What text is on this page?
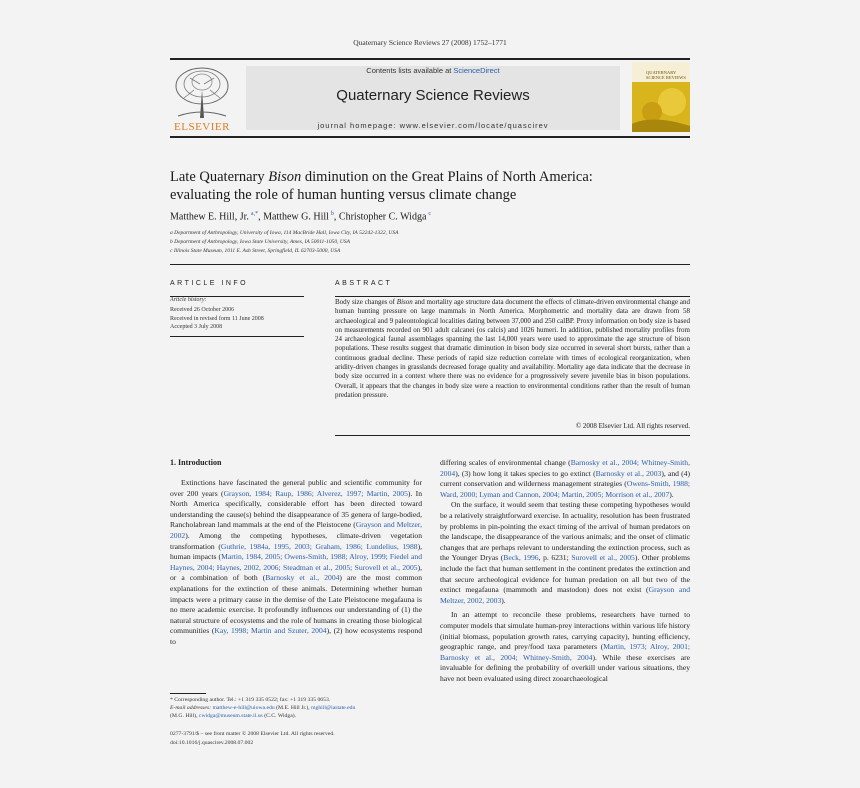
Quaternary Science Reviews 27 (2008) 1752–1771
ELSEVIER
Contents lists available at ScienceDirect
Quaternary Science Reviews
journal homepage: www.elsevier.com/locate/quascirev
QUATERNARY SCIENCE REVIEWS
Late Quaternary Bison diminution on the Great Plains of North America:
evaluating the role of human hunting versus climate change
Matthew E. Hill, Jr.  $^{a,*}$, Matthew G. Hill  $^b$, Christopher C. Widga  $^c$
a Department of Anthropology, University of Iowa, 114 MacBride Hall, Iowa City, IA 52242-1322, USA
b Department of Anthropology, Iowa State University, Ames, IA 50011-1050, USA
c Illinois State Museum, 1011 E. Ash Street, Springfield, IL 62703-5000, USA
ARTICLE INFO
Article history:
Received 26 October 2006
Received in revised form 11 June 2008
Accepted 3 July 2008
ABSTRACT
Body size changes of Bison and mortality age structure data document the effects of climate-driven environmental change and human hunting pressure on large mammals in North America. Morphometric and mortality data are drawn from 58 archaeological and 9 paleontological localities dating between 37,000 and 250 calBP. Proxy information on body size is based on measurements recorded on 901 adult calcanei (os calcis) and 1026 humeri. In addition, published mortality profiles from 24 archaeological faunal assemblages spanning the last 14,000 years were used to approximate the age structure of bison populations. These results suggest that dramatic diminution in bison body size occurred in several short bursts, rather than a continuous gradual decline. These periods of rapid size reduction correlate with times of ecological reorganization, when aridity-driven changes in grasslands decreased forage quality and availability. Mortality age data indicate that the decrease in body size occurred in a context where there was no evidence for a progressively severe juvenile bias in bison populations. Overall, it appears that the changes in body size were a reaction to environmental conditions rather than the result of human predation pressure.
© 2008 Elsevier Ltd. All rights reserved.
1. Introduction

Extinctions have fascinated the general public and scientific community for over 200 years (Grayson, 1984; Raup, 1986; Alverez, 1997; Martin, 2005). In North America specifically, considerable effort has been directed toward understanding the cause(s) behind the disappearance of 35 genera of large-bodied, Rancholabrean land mammals at the end of the Pleistocene (Grayson and Meltzer, 2002). Among the competing hypotheses, climate-driven vegetation transformation (Guthrie, 1984a, 1995, 2003; Graham, 1986; Lundelius, 1988), human impacts (Martin, 1984, 2005; Owens-Smith, 1988; Alroy, 1999; Fiedel and Haynes, 2004; Haynes, 2002, 2006; Steadman et al., 2005; Surovell et al., 2005), or a combination of both (Barnosky et al., 2004) are the most common explanations for the extinction of these animals. Determining whether human impacts were a primary cause in the demise of the Late Pleistocene megafauna is no mere academic exercise. It profoundly influences our understanding of (1) the natural structure of ecosystems and the role of humans in creating those biological communities (Kay, 1998; Martin and Szuter, 2004), (2) how ecosystems respond to

differing scales of environmental change (Barnosky et al., 2004; Whitney-Smith, 2004), (3) how long it takes species to go extinct (Barnosky et al., 2003), and (4) current conservation and wilderness management strategies (Owens-Smith, 1988; Ward, 2000; Lyman and Cannon, 2004; Martin, 2005; Morrison et al., 2007).

On the surface, it would seem that testing these competing hypotheses would be a relatively straightforward exercise. In actuality, resolution has been frustrated by problems in pin-pointing the exact timing of the arrival of human predators on the landscape, the disappearance of the various animals; and the onset of climatic changes that are perhaps relevant to understanding the extinction process, such as the Younger Dryas (Beck, 1996, p. 6231; Surovell et al., 2005). Other problems include the fact that human settlement in the continent predates the extinction and that secure archeological evidence for human predation on all but two of the extinct megafauna (mammoth and mastodon) does not exist (Grayson and Meltzer, 2002, 2003).

In an attempt to reconcile these problems, researchers have turned to computer models that simulate human-prey interactions within various life history (initial biomass, population growth rates, carrying capacity), hunting efficiency, geographic range, and prey/food taxa parameters (Martin, 1973; Alroy, 2001; Barnosky et al., 2004; Whitney-Smith, 2004). While these exercises are invaluable for defining the probability of overkill under various situations, they have not been evaluated using direct zooarchaeological

* Corresponding author. Tel.: +1 319 335 0522; fax: +1 319 335 0653.
E-mail addresses: matthew-e-hill@uiowa.edu (M.E. Hill Jr.), mghill@iastate.edu
(M.G. Hill), cwidga@museum.state.il.us (C.C. Widga).
0277-3791/$ – see front matter © 2008 Elsevier Ltd. All rights reserved.
doi:10.1016/j.quascirev.2008.07.002
